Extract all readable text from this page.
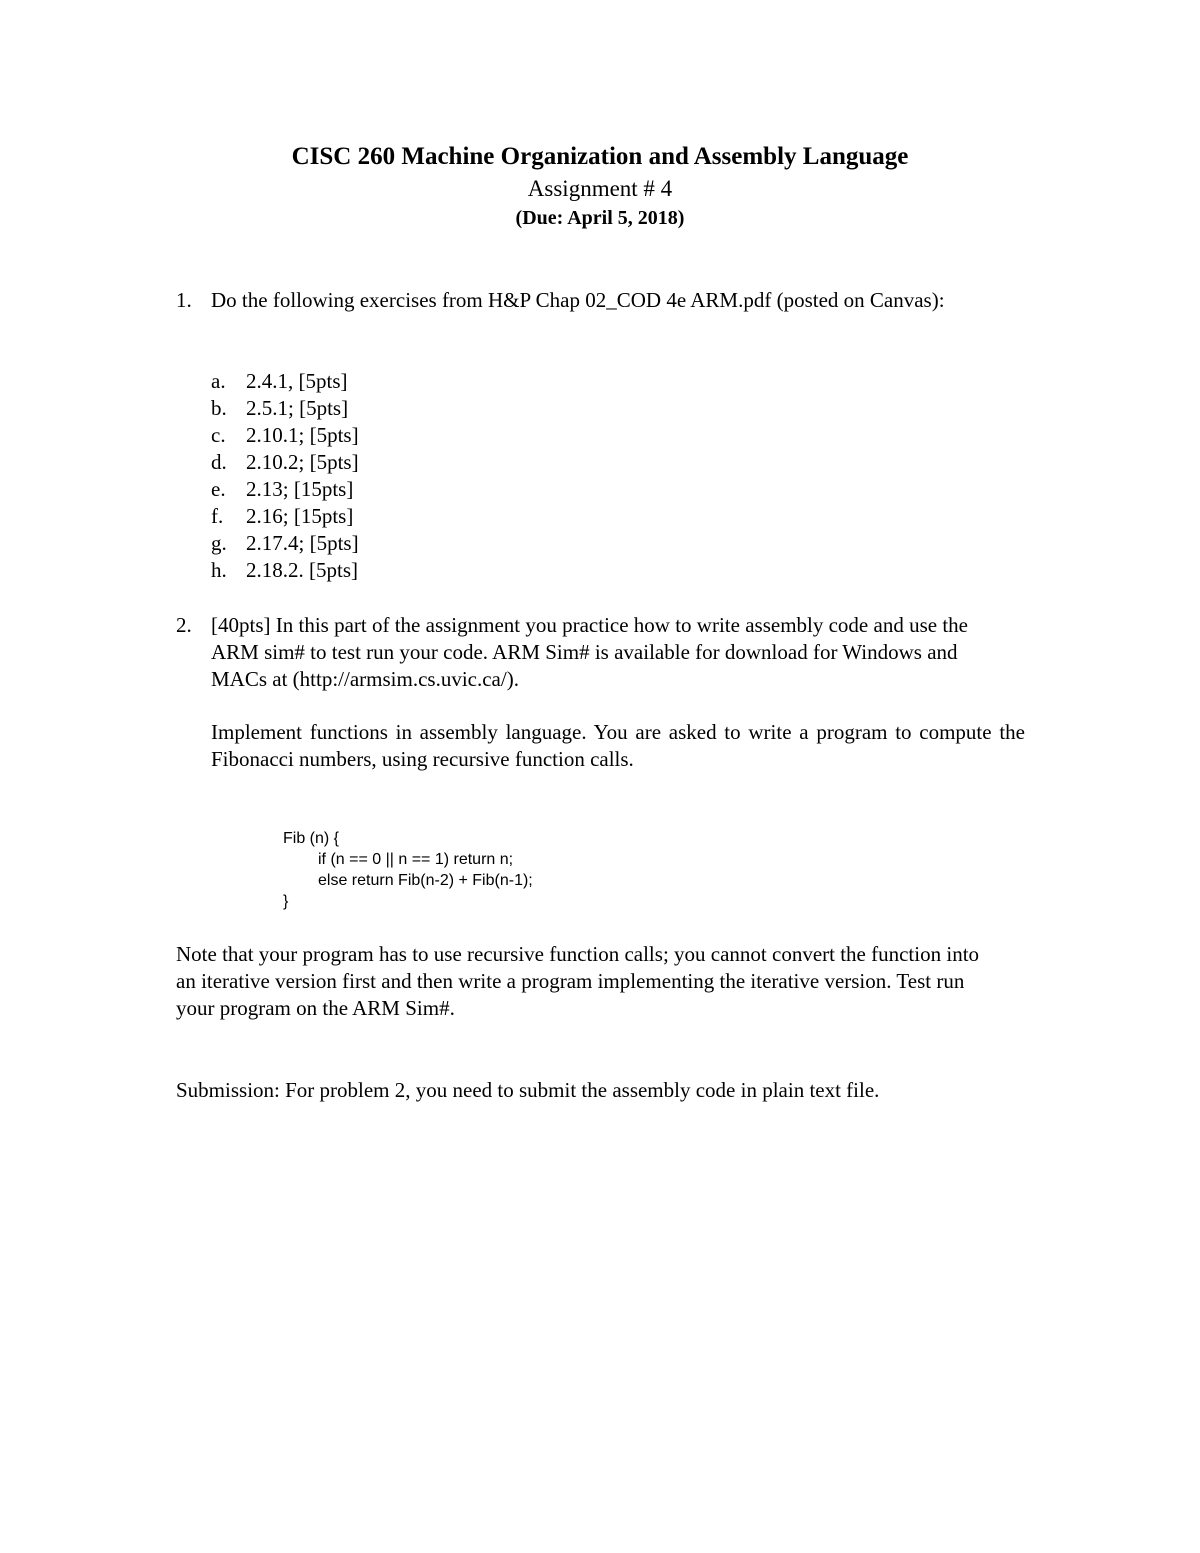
CISC 260 Machine Organization and Assembly Language
Assignment # 4
(Due: April 5, 2018)
1. Do the following exercises from H&P Chap 02_COD 4e ARM.pdf (posted on Canvas):
a. 2.4.1, [5pts]
b. 2.5.1; [5pts]
c. 2.10.1; [5pts]
d. 2.10.2; [5pts]
e. 2.13; [15pts]
f.	2.16; [15pts]
g. 2.17.4; [5pts]
h. 2.18.2. [5pts]
2. [40pts] In this part of the assignment you practice how to write assembly code and use the ARM sim# to test run your code. ARM Sim# is available for download for Windows and MACs at (http://armsim.cs.uvic.ca/).
Implement functions in assembly language. You are asked to write a program to compute the Fibonacci numbers, using recursive function calls.
Fib (n) {
if (n == 0 || n == 1) return n;
else return Fib(n-2) + Fib(n-1);
}
Note that your program has to use recursive function calls; you cannot convert the function into an iterative version first and then write a program implementing the iterative version. Test run your program on the ARM Sim#.
Submission: For problem 2, you need to submit the assembly code in plain text file.
